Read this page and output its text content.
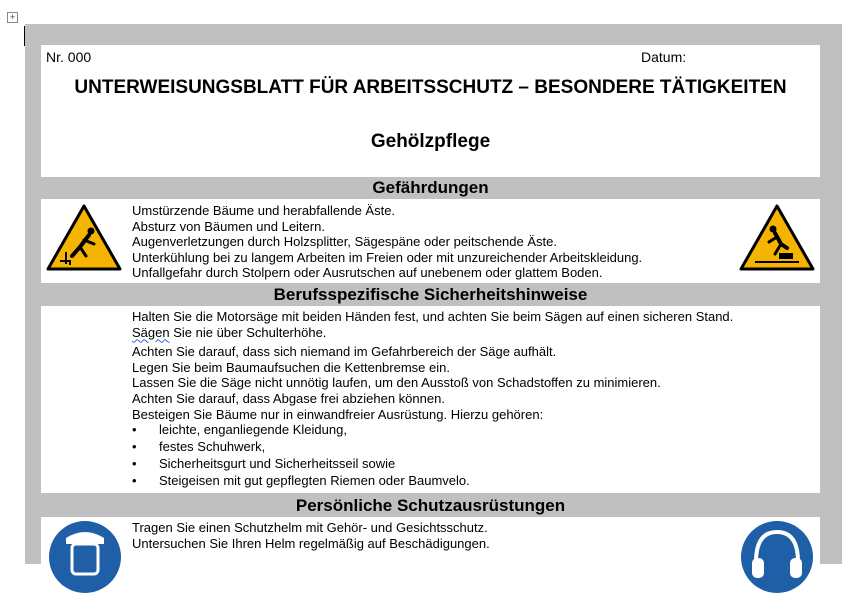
+
Nr. 000	Datum:
UNTERWEISUNGSBLATT FÜR ARBEITSSCHUTZ – BESONDERE TÄTIGKEITEN
Gehölzpflege
Gefährdungen
Umstürzende Bäume und herabfallende Äste.
Absturz von Bäumen und Leitern.
Augenverletzungen durch Holzsplitter, Sägespäne oder peitschende Äste.
Unterkühlung bei zu langem Arbeiten im Freien oder mit unzureichender Arbeitskleidung.
Unfallgefahr durch Stolpern oder Ausrutschen auf unebenem oder glattem Boden.
Berufsspezifische Sicherheitshinweise
Halten Sie die Motorsäge mit beiden Händen fest, und achten Sie beim Sägen auf einen sicheren Stand.
Sägen Sie nie über Schulterhöhe.
Achten Sie darauf, dass sich niemand im Gefahrbereich der Säge aufhält.
Legen Sie beim Baumaufsuchen die Kettenbremse ein.
Lassen Sie die Säge nicht unnötig laufen, um den Ausstoß von Schadstoffen zu minimieren.
Achten Sie darauf, dass Abgase frei abziehen können.
Besteigen Sie Bäume nur in einwandfreier Ausrüstung. Hierzu gehören:
• leichte, enganliegende Kleidung,
• festes Schuhwerk,
• Sicherheitsgurt und Sicherheitsseil sowie
• Steigeisen mit gut gepflegten Riemen oder Baumvelo.
Persönliche Schutzausrüstungen
Tragen Sie einen Schutzhelm mit Gehör- und Gesichtsschutz.
Untersuchen Sie Ihren Helm regelmäßig auf Beschädigungen.
